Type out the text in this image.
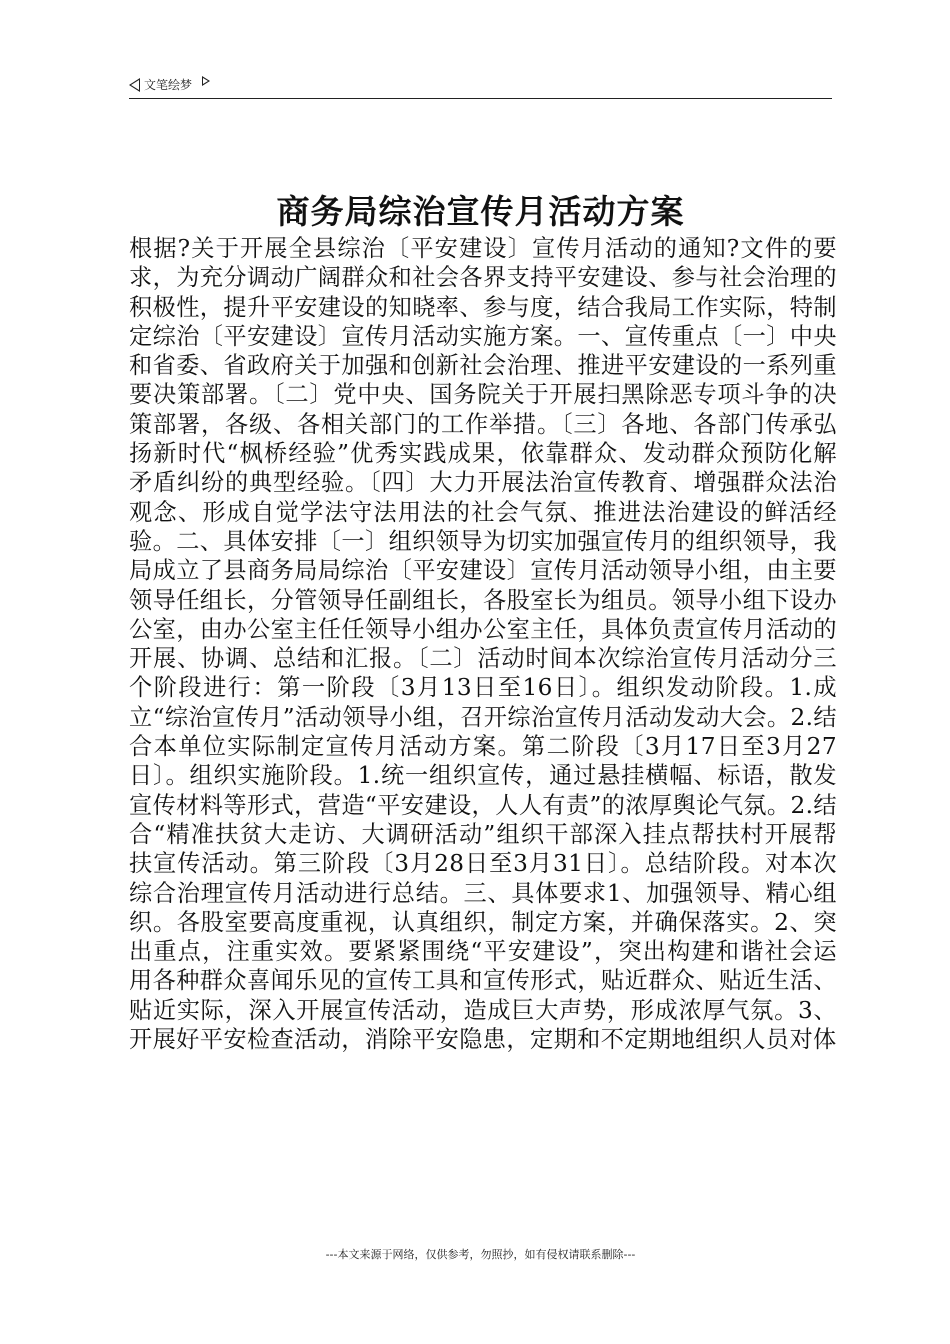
文笔绘梦
商务局综治宣传月活动方案

根据?关于开展全县综治〔平安建设〕宣传月活动的通知?文件的要求，为充分调动广阔群众和社会各界支持平安建设、参与社会治理的积极性，提升平安建设的知晓率、参与度，结合我局工作实际，特制定综治〔平安建设〕宣传月活动实施方案。一、宣传重点〔一〕中央和省委、省政府关于加强和创新社会治理、推进平安建设的一系列重要决策部署。〔二〕党中央、国务院关于开展扫黑除恶专项斗争的决策部署，各级、各相关部门的工作举措。〔三〕各地、各部门传承弘扬新时代“枫桥经验”优秀实践成果，依靠群众、发动群众预防化解矛盾纠纷的典型经验。〔四〕大力开展法治宣传教育、增强群众法治观念、形成自觉学法守法用法的社会气氛、推进法治建设的鲜活经验。二、具体安排〔一〕组织领导为切实加强宣传月的组织领导，我局成立了县商务局局综治〔平安建设〕宣传月活动领导小组，由主要领导任组长，分管领导任副组长，各股室长为组员。领导小组下设办公室，由办公室主任任领导小组办公室主任，具体负责宣传月活动的开展、协调、总结和汇报。〔二〕活动时间本次综治宣传月活动分三个阶段进行：第一阶段〔3月13日至16日〕。组织发动阶段。1.成立“综治宣传月”活动领导小组，召开综治宣传月活动发动大会。2.结合本单位实际制定宣传月活动方案。第二阶段〔3月17日至3月27日〕。组织实施阶段。1.统一组织宣传，通过悬挂横幅、标语，散发宣传材料等形式，营造“平安建设，人人有责”的浓厚舆论气氛。2.结合“精准扶贫大走访、大调研活动”组织干部深入挂点帮扶村开展帮扶宣传活动。第三阶段〔3月28日至3月31日〕。总结阶段。对本次综合治理宣传月活动进行总结。三、具体要求1、加强领导、精心组织。各股室要高度重视，认真组织，制定方案，并确保落实。2、突出重点，注重实效。要紧紧围绕“平安建设”，突出构建和谐社会运用各种群众喜闻乐见的宣传工具和宣传形式，贴近群众、贴近生活、贴近实际，深入开展宣传活动，造成巨大声势，形成浓厚气氛。3、开展好平安检查活动，消除平安隐患，定期和不定期地组织人员对体

---本文来源于网络，仅供参考，勿照抄，如有侵权请联系删除---
